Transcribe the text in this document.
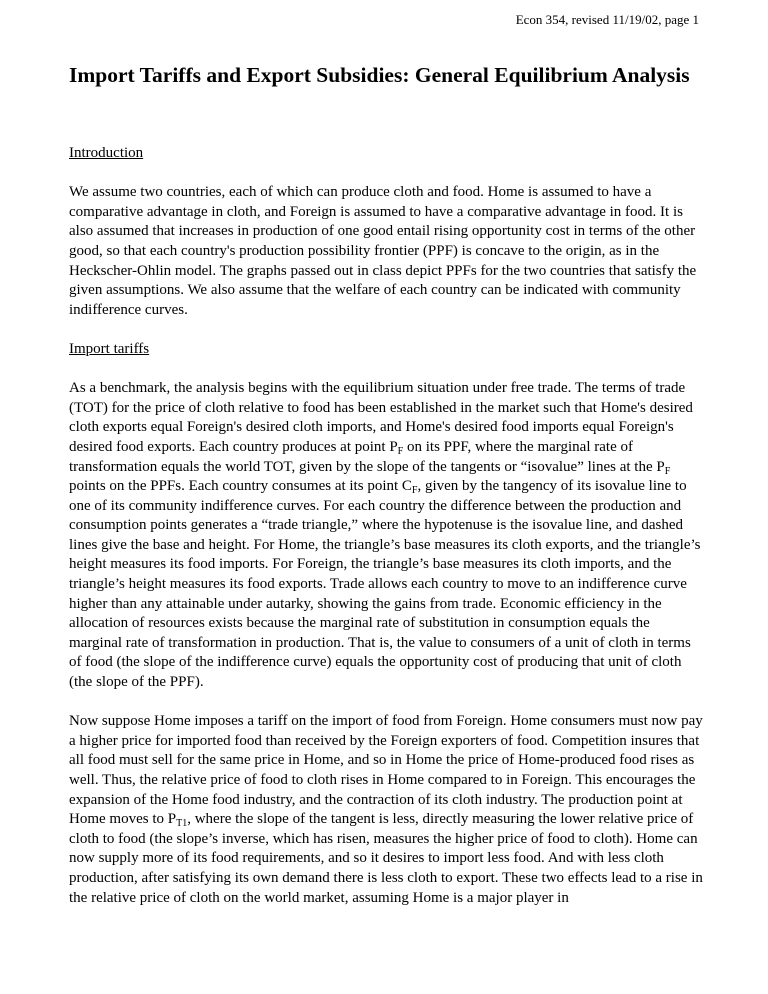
Econ 354, revised 11/19/02, page 1
Import Tariffs and Export Subsidies: General Equilibrium Analysis
Introduction

We assume two countries, each of which can produce cloth and food. Home is assumed to have a comparative advantage in cloth, and Foreign is assumed to have a comparative advantage in food. It is also assumed that increases in production of one good entail rising opportunity cost in terms of the other good, so that each country's production possibility frontier (PPF) is concave to the origin, as in the Heckscher-Ohlin model. The graphs passed out in class depict PPFs for the two countries that satisfy the given assumptions. We also assume that the welfare of each country can be indicated with community indifference curves.

Import tariffs

As a benchmark, the analysis begins with the equilibrium situation under free trade. The terms of trade (TOT) for the price of cloth relative to food has been established in the market such that Home's desired cloth exports equal Foreign's desired cloth imports, and Home's desired food imports equal Foreign's desired food exports. Each country produces at point $P_F$ on its PPF, where the marginal rate of transformation equals the world TOT, given by the slope of the tangents or “isovalue” lines at the $P_F$ points on the PPFs. Each country consumes at its point $C_F$, given by the tangency of its isovalue line to one of its community indifference curves. For each country the difference between the production and consumption points generates a “trade triangle,” where the hypotenuse is the isovalue line, and dashed lines give the base and height. For Home, the triangle’s base measures its cloth exports, and the triangle’s height measures its food imports. For Foreign, the triangle’s base measures its cloth imports, and the triangle’s height measures its food exports. Trade allows each country to move to an indifference curve higher than any attainable under autarky, showing the gains from trade. Economic efficiency in the allocation of resources exists because the marginal rate of substitution in consumption equals the marginal rate of transformation in production. That is, the value to consumers of a unit of cloth in terms of food (the slope of the indifference curve) equals the opportunity cost of producing that unit of cloth (the slope of the PPF).

Now suppose Home imposes a tariff on the import of food from Foreign. Home consumers must now pay a higher price for imported food than received by the Foreign exporters of food. Competition insures that all food must sell for the same price in Home, and so in Home the price of Home-produced food rises as well. Thus, the relative price of food to cloth rises in Home compared to in Foreign. This encourages the expansion of the Home food industry, and the contraction of its cloth industry. The production point at Home moves to $P_{T1}$, where the slope of the tangent is less, directly measuring the lower relative price of cloth to food (the slope’s inverse, which has risen, measures the higher price of food to cloth). Home can now supply more of its food requirements, and so it desires to import less food. And with less cloth production, after satisfying its own demand there is less cloth to export. These two effects lead to a rise in the relative price of cloth on the world market, assuming Home is a major player in
